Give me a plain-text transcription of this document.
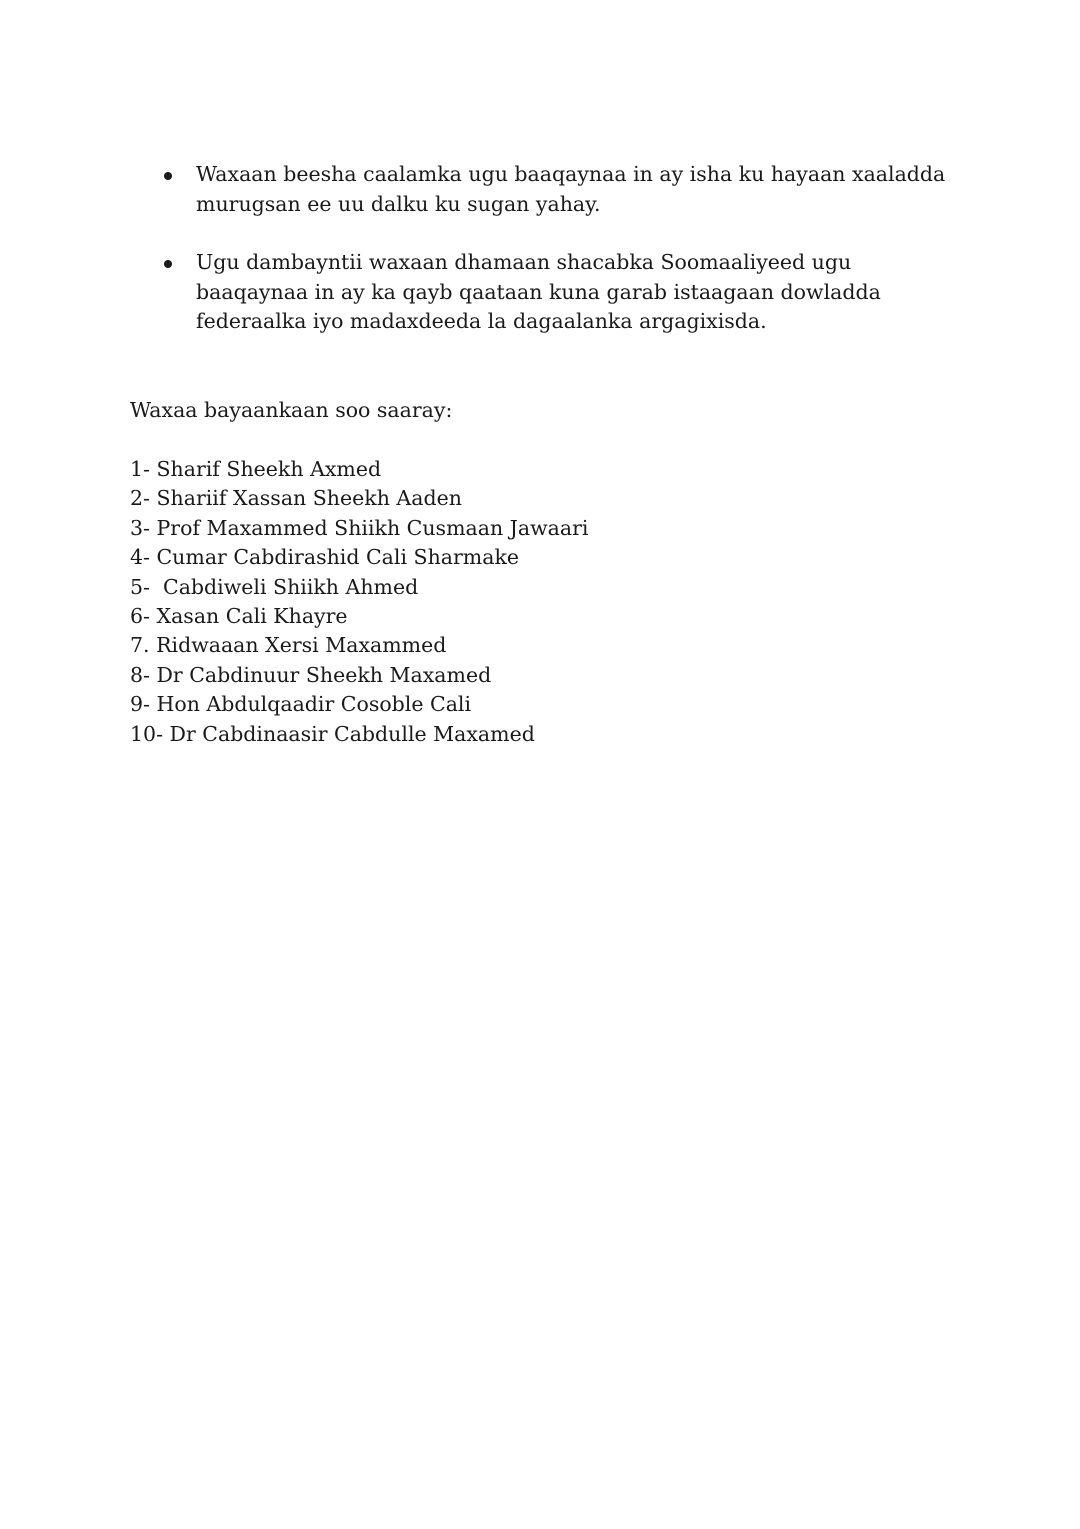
Waxaan beesha caalamka ugu baaqaynaa in ay isha ku hayaan xaaladda murugsan ee uu dalku ku sugan yahay.
Ugu dambayntii waxaan dhamaan shacabka Soomaaliyeed ugu baaqaynaa in ay ka qayb qaataan kuna garab istaagaan dowladda federaalka iyo madaxdeeda la dagaalanka argagixisda.

Waxaa bayaankaan soo saaray:

1- Sharif Sheekh Axmed
2- Shariif Xassan Sheekh Aaden
3- Prof Maxammed Shiikh Cusmaan Jawaari
4- Cumar Cabdirashid Cali Sharmake
5-  Cabdiweli Shiikh Ahmed
6- Xasan Cali Khayre
7. Ridwaaan Xersi Maxammed
8- Dr Cabdinuur Sheekh Maxamed
9- Hon Abdulqaadir Cosoble Cali
10- Dr Cabdinaasir Cabdulle Maxamed
